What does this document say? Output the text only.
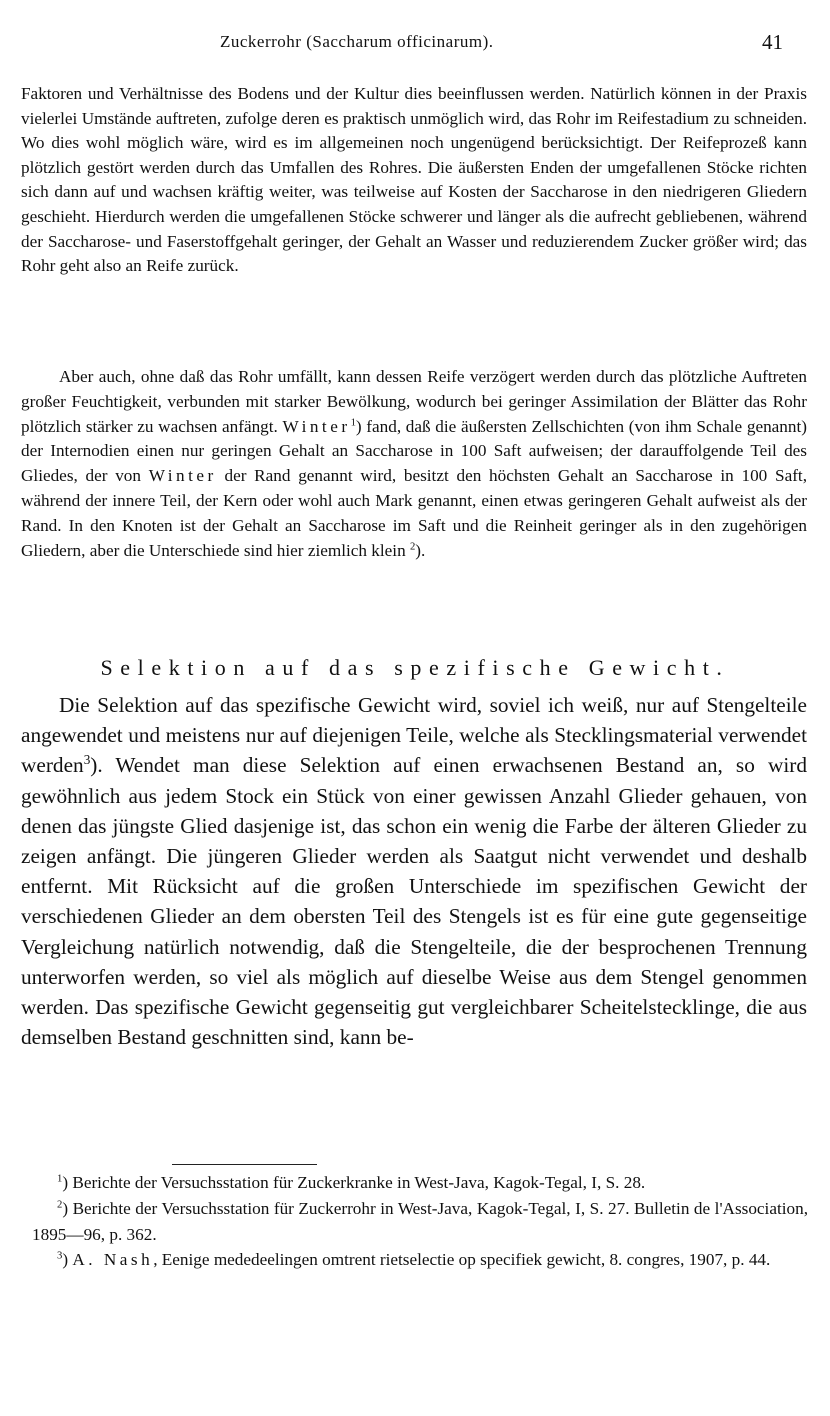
Zuckerrohr (Saccharum officinarum).	41

Faktoren und Verhältnisse des Bodens und der Kultur dies beeinflussen werden. Natürlich können in der Praxis vielerlei Umstände auftreten, zufolge deren es praktisch unmöglich wird, das Rohr im Reifestadium zu schneiden. Wo dies wohl möglich wäre, wird es im allgemeinen noch ungenügend berücksichtigt. Der Reifeprozeß kann plötzlich gestört werden durch das Umfallen des Rohres. Die äußersten Enden der umgefallenen Stöcke richten sich dann auf und wachsen kräftig weiter, was teilweise auf Kosten der Saccharose in den niedrigeren Gliedern geschieht. Hierdurch werden die umgefallenen Stöcke schwerer und länger als die aufrecht gebliebenen, während der Saccharose- und Faserstoffgehalt geringer, der Gehalt an Wasser und reduzierendem Zucker größer wird; das Rohr geht also an Reife zurück.

Aber auch, ohne daß das Rohr umfällt, kann dessen Reife verzögert werden durch das plötzliche Auftreten großer Feuchtigkeit, verbunden mit starker Bewölkung, wodurch bei geringer Assimilation der Blätter das Rohr plötzlich stärker zu wachsen anfängt. Winter$^1$) fand, daß die äußersten Zellschichten (von ihm Schale genannt) der Internodien einen nur geringen Gehalt an Saccharose in 100 Saft aufweisen; der darauffolgende Teil des Gliedes, der von Winter der Rand genannt wird, besitzt den höchsten Gehalt an Saccharose in 100 Saft, während der innere Teil, der Kern oder wohl auch Mark genannt, einen etwas geringeren Gehalt aufweist als der Rand. In den Knoten ist der Gehalt an Saccharose im Saft und die Reinheit geringer als in den zugehörigen Gliedern, aber die Unterschiede sind hier ziemlich klein $^2$).

Selektion auf das spezifische Gewicht.

Die Selektion auf das spezifische Gewicht wird, soviel ich weiß, nur auf Stengelteile angewendet und meistens nur auf diejenigen Teile, welche als Stecklingsmaterial verwendet werden$^3$). Wendet man diese Selektion auf einen erwachsenen Bestand an, so wird gewöhnlich aus jedem Stock ein Stück von einer gewissen Anzahl Glieder gehauen, von denen das jüngste Glied dasjenige ist, das schon ein wenig die Farbe der älteren Glieder zu zeigen anfängt. Die jüngeren Glieder werden als Saatgut nicht verwendet und deshalb entfernt. Mit Rücksicht auf die großen Unterschiede im spezifischen Gewicht der verschiedenen Glieder an dem obersten Teil des Stengels ist es für eine gute gegenseitige Vergleichung natürlich notwendig, daß die Stengelteile, die der besprochenen Trennung unterworfen werden, so viel als möglich auf dieselbe Weise aus dem Stengel genommen werden. Das spezifische Gewicht gegenseitig gut vergleichbarer Scheitelstecklinge, die aus demselben Bestand geschnitten sind, kann be-

$^1$) Berichte der Versuchsstation für Zuckerkranke in West-Java, Kagok-Tegal, I, S. 28.

$^2$) Berichte der Versuchsstation für Zuckerrohr in West-Java, Kagok-Tegal, I, S. 27. Bulletin de l'Association, 1895—96, p. 362.

$^3$) A. Nash, Eenige mededeelingen omtrent rietselectie op specifiek gewicht, 8. congres, 1907, p. 44.
